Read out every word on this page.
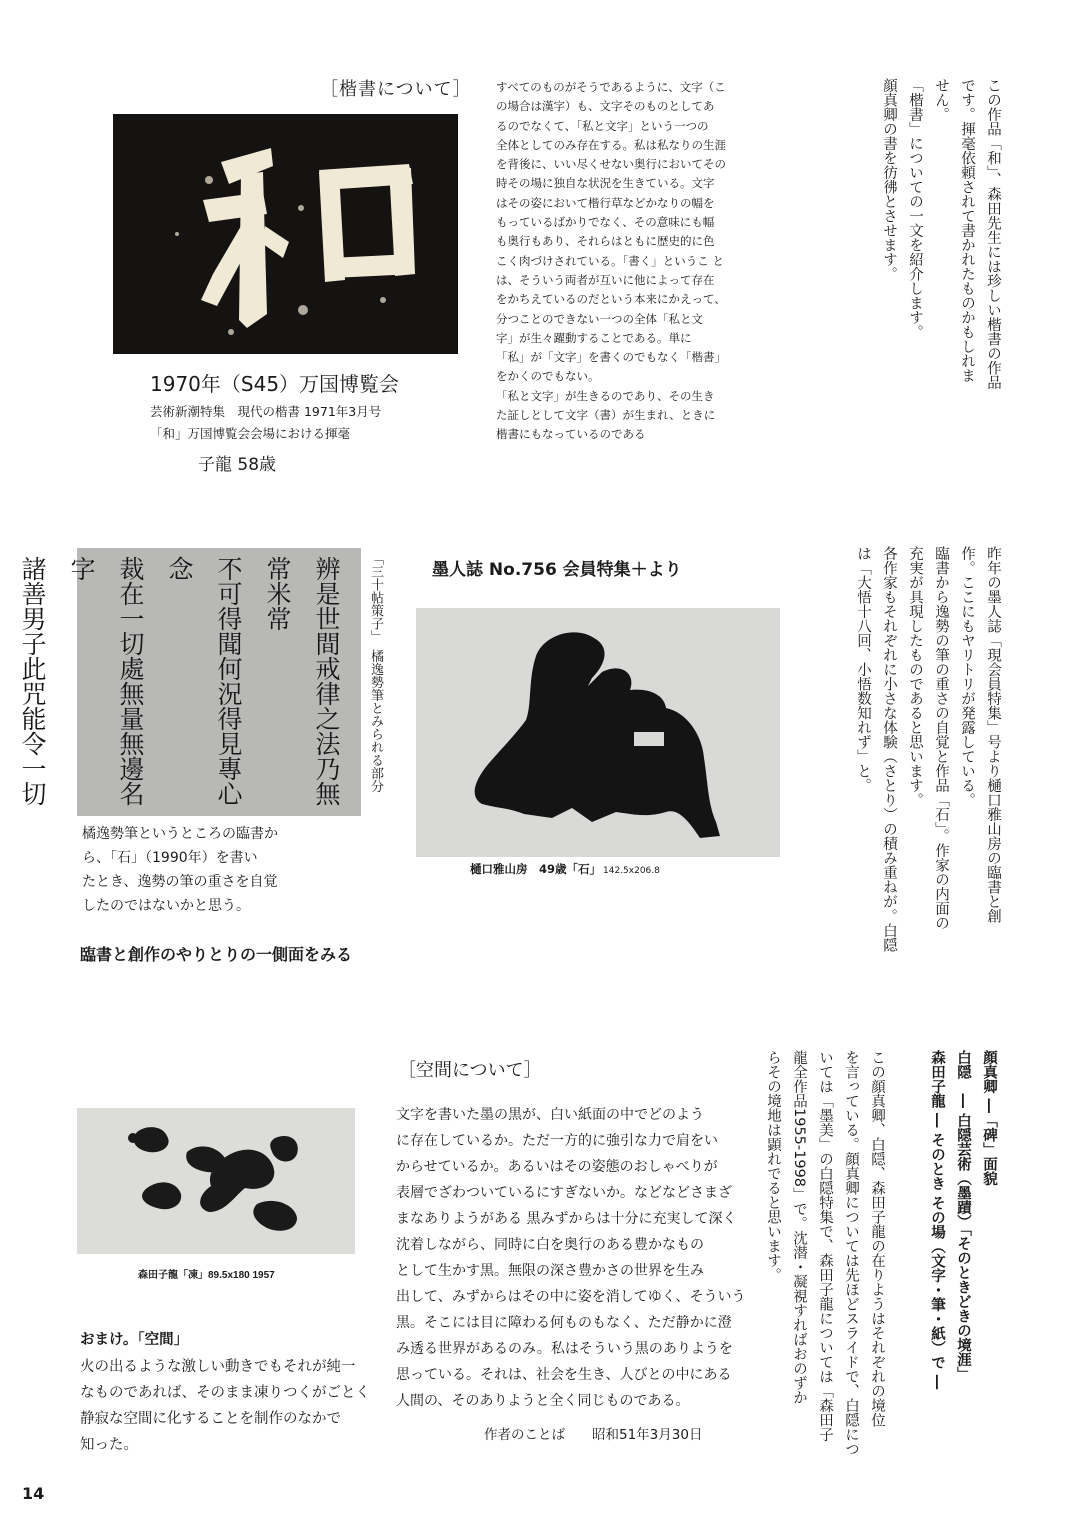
［楷書について］
1970年（S45）万国博覧会
芸術新潮特集　現代の楷書 1971年3月号
「和」万国博覧会会場における揮毫
子龍 58歳
すべてのものがそうであるように、文字（こ
の場合は漢字）も、文字そのものとしてあ
るのでなくて、「私と文字」という一つの
全体としてのみ存在する。私は私なりの生涯
を背後に、いい尽くせない奥行においてその
時その場に独自な状況を生きている。文字
はその姿において楷行草などかなりの幅を
もっているばかりでなく、その意味にも幅
も奥行もあり、それらはともに歴史的に色
こく肉づけされている。「書く」というこ と
は、そういう両者が互いに他によって存在
をかちえているのだという本来にかえって、
分つことのできない一つの全体「私と文
字」が生々躍動することである。単に
「私」が「文字」を書くのでもなく「楷書」
をかくのでもない。
「私と文字」が生きるのであり、その生き
た証しとして文字（書）が生まれ、ときに
楷書にもなっているのである
この作品「和」、森田先生には珍しい楷書の作品
です。揮毫依頼されて書かれたものかもしれま
せん。
「楷書」についての一文を紹介します。
顔真卿の書を彷彿とさせます。
墨人誌 No.756 会員特集＋より
辨是世間戒律之法乃無常米常
不可得聞何況得見專心念
裁在一切處無量無邊名字
諸善男子此咒能令一切

「三十帖策子」　橘逸勢筆とみられる部分
樋口雅山房　49歳「石」 142.5x206.8
橘逸勢筆というところの臨書か
ら、「石」（1990年）を書い
たとき、逸勢の筆の重さを自覚
したのではないかと思う。
臨書と創作のやりとりの一側面をみる
昨年の墨人誌「現会員特集」号より樋口雅山房の臨書と創
作。ここにもヤリトリが発露している。
臨書から逸勢の筆の重さの自覚と作品「石」。作家の内面の
充実が具現したものであると思います。
各作家もそれぞれに小さな体験（さとり）の積み重ねが。白隠
は「大悟十八回、小悟数知れず」と。
森田子龍「凍」89.5x180 1957
［空間について］
文字を書いた墨の黒が、白い紙面の中でどのよう
に存在しているか。ただ一方的に強引な力で肩をい
からせているか。あるいはその姿態のおしゃべりが
表層でざわついているにすぎないか。などなどさまざ
まなありようがある 黒みずからは十分に充実して深く
沈着しながら、同時に白を奥行のある豊かなもの
として生かす黒。無限の深さ豊かさの世界を生み
出して、みずからはその中に姿を消してゆく、そういう
黒。そこには目に障わる何ものもなく、ただ静かに澄
み透る世界があるのみ。私はそういう黒のありようを
思っている。それは、社会を生き、人びとの中にある
人間の、そのありようと全く同じものである。
作者のことば　　昭和51年3月30日
おまけ。「空間」
火の出るような激しい動きでもそれが純一
なものであれば、そのまま凍りつくがごとく
静寂な空間に化することを制作のなかで
知った。
顔真卿 ―「碑」面貌
白隠　― 白隠芸術（墨蹟）「そのときどきの境涯」
森田子龍 ― そのとき その場（文字・筆・紙）で ―
この顔真卿、白隠、森田子龍の在りようはそれぞれの境位
を言っている。顔真卿については先ほどスライドで、白隠につ
いては「墨美」の白隠特集で、森田子龍については「森田子
龍全作品1955-1998」で。沈潜・凝視すればおのずか
らその境地は顕れでると思います。
14
